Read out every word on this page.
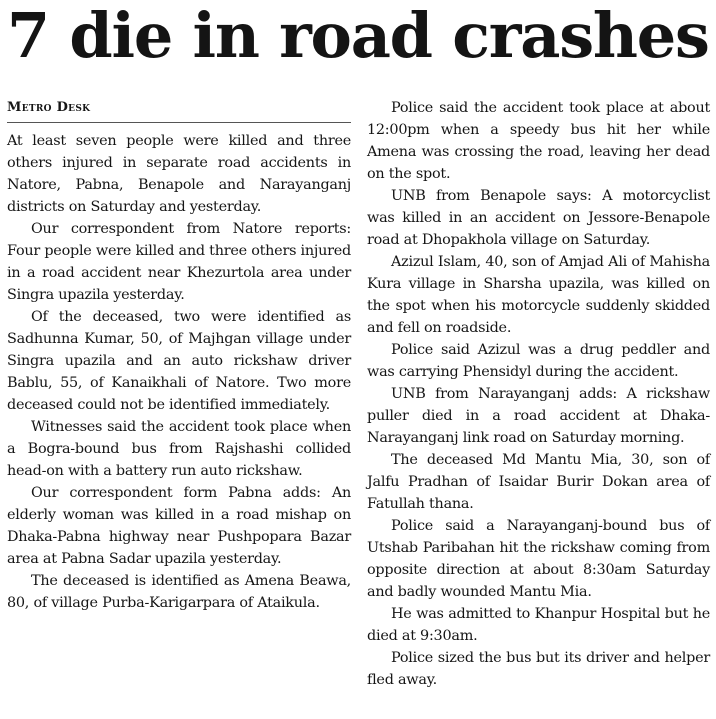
7 die in road crashes
Metro Desk

At least seven people were killed and three others injured in separate road accidents in Natore, Pabna, Benapole and Narayanganj districts on Saturday and yesterday.

Our correspondent from Natore reports: Four people were killed and three others injured in a road accident near Khezurtola area under Singra upazila yesterday.

Of the deceased, two were identified as Sadhunna Kumar, 50, of Majhgan village under Singra upazila and an auto rickshaw driver Bablu, 55, of Kanaikhali of Natore. Two more deceased could not be identified immediately.

Witnesses said the accident took place when a Bogra-bound bus from Rajshashi collided head-on with a battery run auto rickshaw.

Our correspondent form Pabna adds: An elderly woman was killed in a road mishap on Dhaka-Pabna highway near Pushpopara Bazar area at Pabna Sadar upazila yesterday.

The deceased is identified as Amena Beawa, 80, of village Purba-Karigarpara of Ataikula.

Police said the accident took place at about 12:00pm when a speedy bus hit her while Amena was crossing the road, leaving her dead on the spot.

UNB from Benapole says: A motorcyclist was killed in an accident on Jessore-Benapole road at Dhopakhola village on Saturday.

Azizul Islam, 40, son of Amjad Ali of Mahisha Kura village in Sharsha upazila, was killed on the spot when his motorcycle suddenly skidded and fell on roadside.

Police said Azizul was a drug peddler and was carrying Phensidyl during the accident.

UNB from Narayanganj adds: A rickshaw puller died in a road accident at Dhaka-Narayanganj link road on Saturday morning.

The deceased Md Mantu Mia, 30, son of Jalfu Pradhan of Isaidar Burir Dokan area of Fatullah thana.

Police said a Narayanganj-bound bus of Utshab Paribahan hit the rickshaw coming from opposite direction at about 8:30am Saturday and badly wounded Mantu Mia.

He was admitted to Khanpur Hospital but he died at 9:30am.

Police sized the bus but its driver and helper fled away.
